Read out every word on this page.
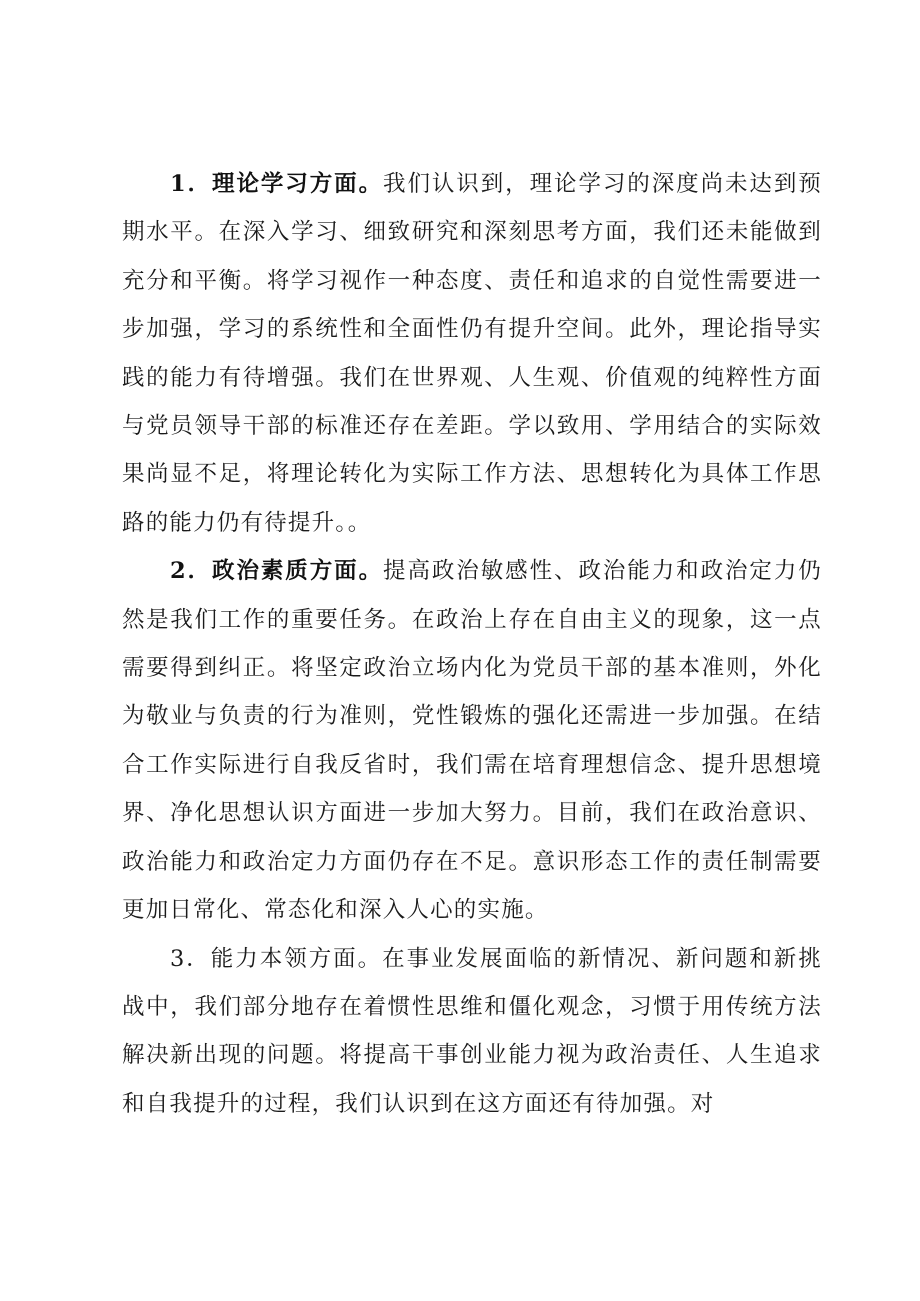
1．理论学习方面。我们认识到，理论学习的深度尚未达到预期水平。在深入学习、细致研究和深刻思考方面，我们还未能做到充分和平衡。将学习视作一种态度、责任和追求的自觉性需要进一步加强，学习的系统性和全面性仍有提升空间。此外，理论指导实践的能力有待增强。我们在世界观、人生观、价值观的纯粹性方面与党员领导干部的标准还存在差距。学以致用、学用结合的实际效果尚显不足，将理论转化为实际工作方法、思想转化为具体工作思路的能力仍有待提升。。

2．政治素质方面。提高政治敏感性、政治能力和政治定力仍然是我们工作的重要任务。在政治上存在自由主义的现象，这一点需要得到纠正。将坚定政治立场内化为党员干部的基本准则，外化为敬业与负责的行为准则，党性锻炼的强化还需进一步加强。在结合工作实际进行自我反省时，我们需在培育理想信念、提升思想境界、净化思想认识方面进一步加大努力。目前，我们在政治意识、政治能力和政治定力方面仍存在不足。意识形态工作的责任制需要更加日常化、常态化和深入人心的实施。

3．能力本领方面。在事业发展面临的新情况、新问题和新挑战中，我们部分地存在着惯性思维和僵化观念，习惯于用传统方法解决新出现的问题。将提高干事创业能力视为政治责任、人生追求和自我提升的过程，我们认识到在这方面还有待加强。对
